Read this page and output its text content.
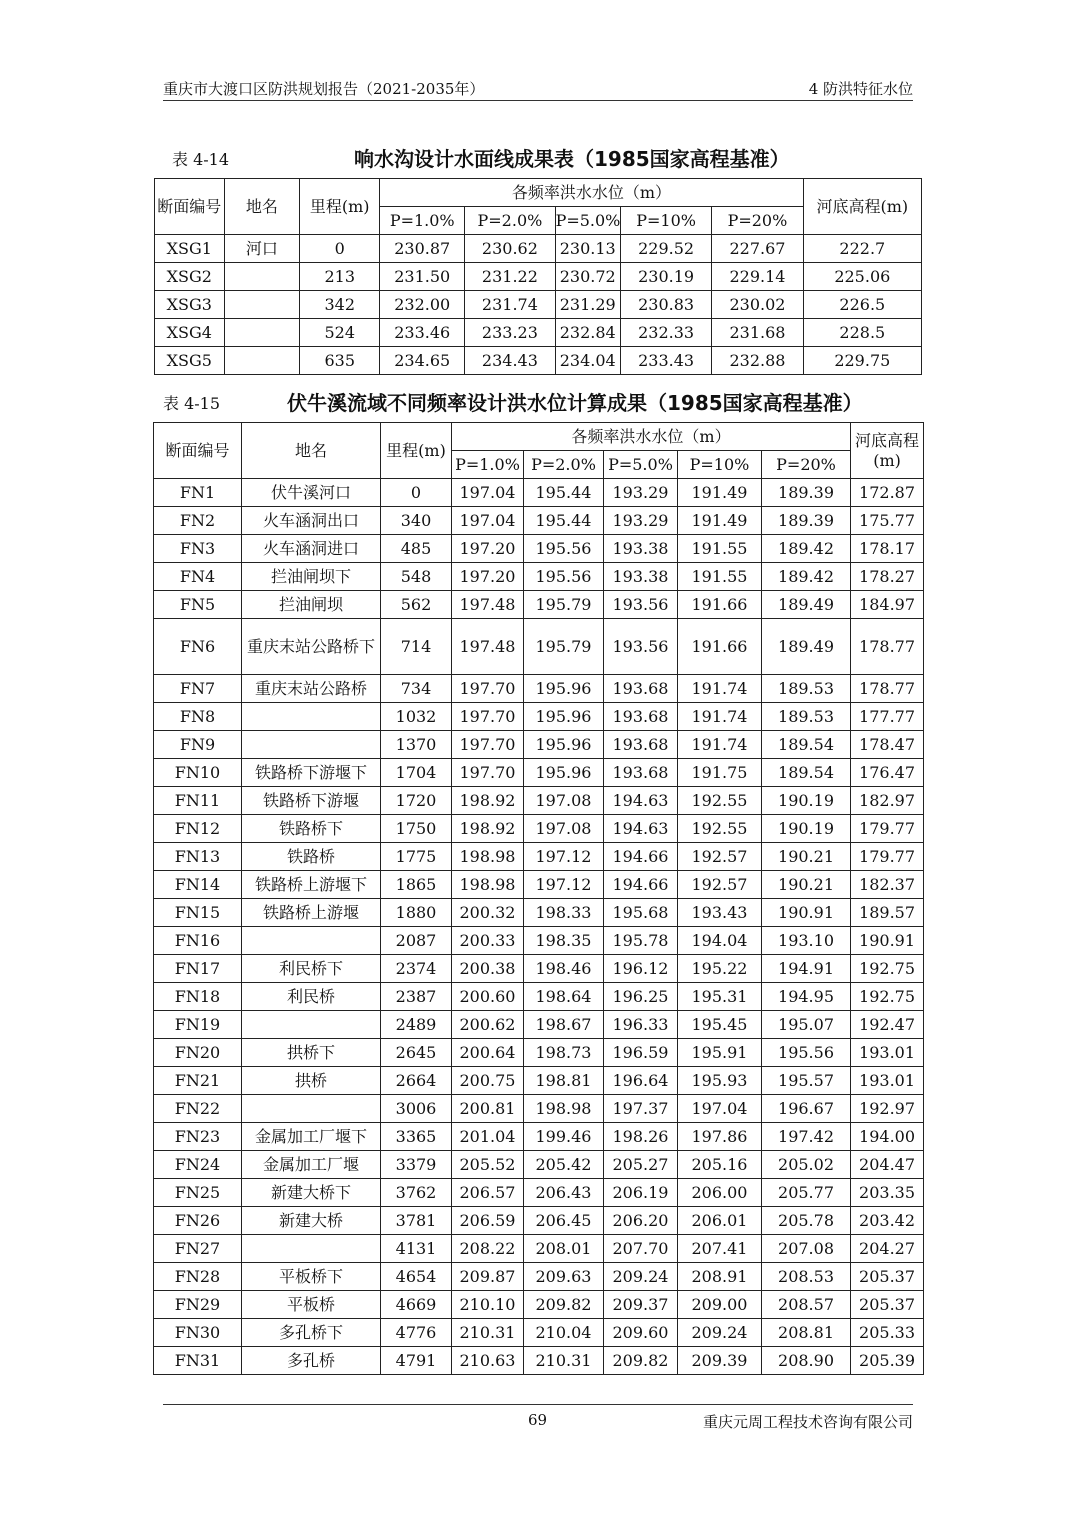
重庆市大渡口区防洪规划报告（2021-2035年）	4 防洪特征水位
表 4-14	响水沟设计水面线成果表（1985国家高程基准）
断面编号	地名	里程(m)	各频率洪水水位（m）					河底高程(m)
			P=1.0%	P=2.0%	P=5.0%	P=10%	P=20%	
XSG1	河口	0	230.87	230.62	230.13	229.52	227.67	222.7
XSG2		213	231.50	231.22	230.72	230.19	229.14	225.06
XSG3		342	232.00	231.74	231.29	230.83	230.02	226.5
XSG4		524	233.46	233.23	232.84	232.33	231.68	228.5
XSG5		635	234.65	234.43	234.04	233.43	232.88	229.75
表 4-15	伏牛溪流域不同频率设计洪水位计算成果（1985国家高程基准）
断面编号	地名	里程(m)	各频率洪水水位（m）					河底高程(m)
			P=1.0%	P=2.0%	P=5.0%	P=10%	P=20%	
FN1	伏牛溪河口	0	197.04	195.44	193.29	191.49	189.39	172.87
FN2	火车涵洞出口	340	197.04	195.44	193.29	191.49	189.39	175.77
FN3	火车涵洞进口	485	197.20	195.56	193.38	191.55	189.42	178.17
FN4	拦油闸坝下	548	197.20	195.56	193.38	191.55	189.42	178.27
FN5	拦油闸坝	562	197.48	195.79	193.56	191.66	189.49	184.97
FN6	重庆末站公路桥下	714	197.48	195.79	193.56	191.66	189.49	178.77
FN7	重庆末站公路桥	734	197.70	195.96	193.68	191.74	189.53	178.77
FN8		1032	197.70	195.96	193.68	191.74	189.53	177.77
FN9		1370	197.70	195.96	193.68	191.74	189.54	178.47
FN10	铁路桥下游堰下	1704	197.70	195.96	193.68	191.75	189.54	176.47
FN11	铁路桥下游堰	1720	198.92	197.08	194.63	192.55	190.19	182.97
FN12	铁路桥下	1750	198.92	197.08	194.63	192.55	190.19	179.77
FN13	铁路桥	1775	198.98	197.12	194.66	192.57	190.21	179.77
FN14	铁路桥上游堰下	1865	198.98	197.12	194.66	192.57	190.21	182.37
FN15	铁路桥上游堰	1880	200.32	198.33	195.68	193.43	190.91	189.57
FN16		2087	200.33	198.35	195.78	194.04	193.10	190.91
FN17	利民桥下	2374	200.38	198.46	196.12	195.22	194.91	192.75
FN18	利民桥	2387	200.60	198.64	196.25	195.31	194.95	192.75
FN19		2489	200.62	198.67	196.33	195.45	195.07	192.47
FN20	拱桥下	2645	200.64	198.73	196.59	195.91	195.56	193.01
FN21	拱桥	2664	200.75	198.81	196.64	195.93	195.57	193.01
FN22		3006	200.81	198.98	197.37	197.04	196.67	192.97
FN23	金属加工厂堰下	3365	201.04	199.46	198.26	197.86	197.42	194.00
FN24	金属加工厂堰	3379	205.52	205.42	205.27	205.16	205.02	204.47
FN25	新建大桥下	3762	206.57	206.43	206.19	206.00	205.77	203.35
FN26	新建大桥	3781	206.59	206.45	206.20	206.01	205.78	203.42
FN27		4131	208.22	208.01	207.70	207.41	207.08	204.27
FN28	平板桥下	4654	209.87	209.63	209.24	208.91	208.53	205.37
FN29	平板桥	4669	210.10	209.82	209.37	209.00	208.57	205.37
FN30	多孔桥下	4776	210.31	210.04	209.60	209.24	208.81	205.33
FN31	多孔桥	4791	210.63	210.31	209.82	209.39	208.90	205.39
69	重庆元周工程技术咨询有限公司
